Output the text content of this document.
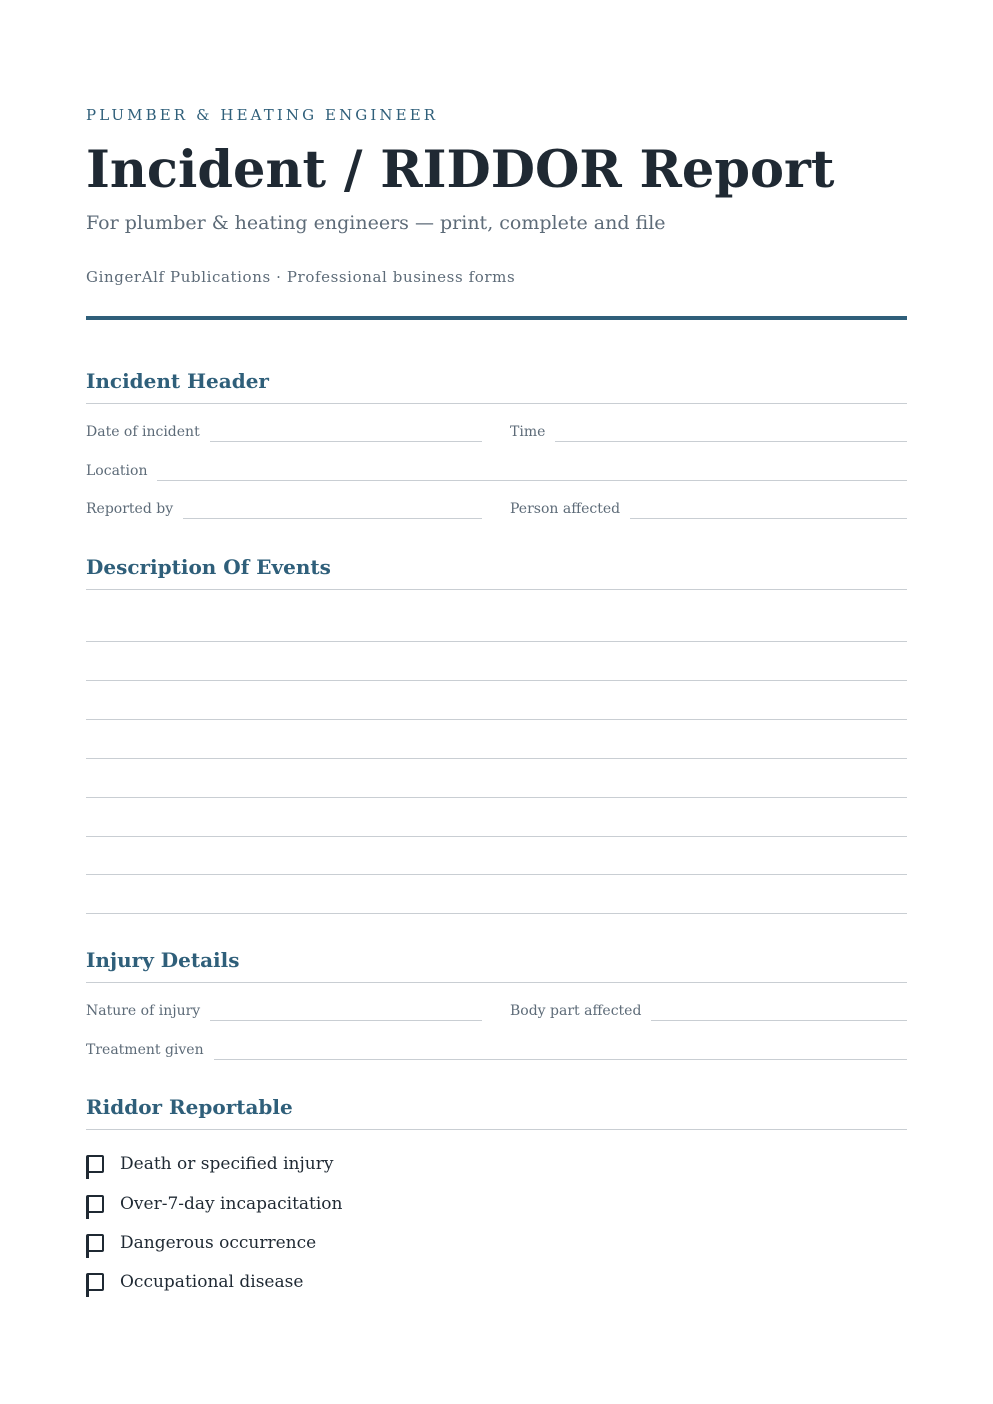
PLUMBER & HEATING ENGINEER
Incident / RIDDOR Report
For plumber & heating engineers — print, complete and file
GingerAlf Publications · Professional business forms
Incident Header
Date of incident	Time
Location
Reported by	Person affected
Description Of Events
Injury Details
Nature of injury	Body part affected
Treatment given
Riddor Reportable
Death or specified injury
Over-7-day incapacitation
Dangerous occurrence
Occupational disease
